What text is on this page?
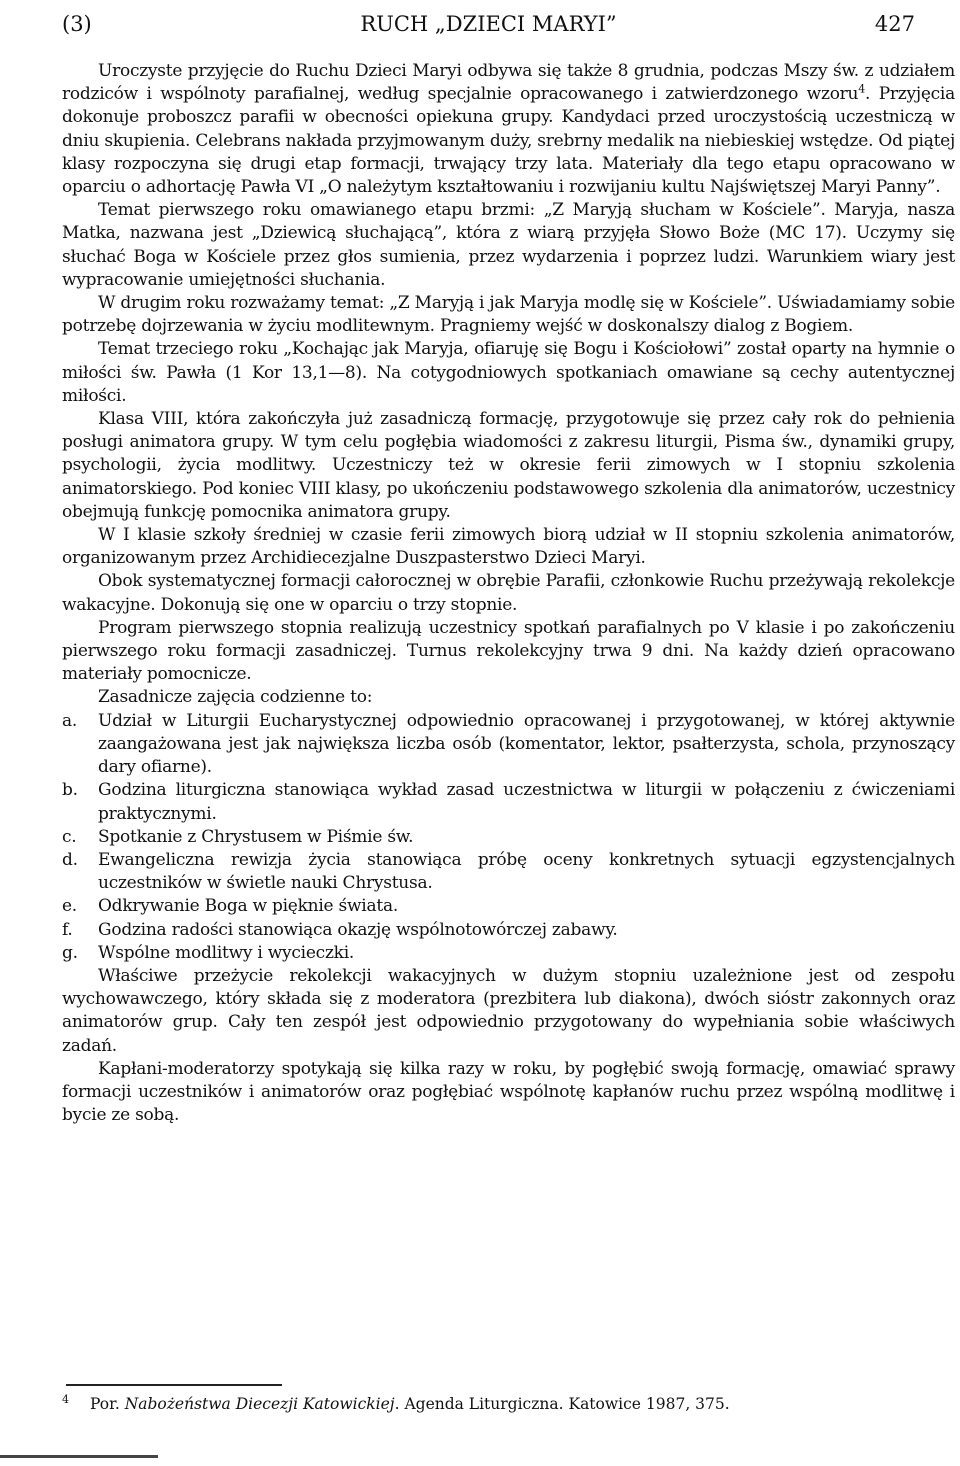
(3)	RUCH „DZIECI MARYI”	427

Uroczyste przyjęcie do Ruchu Dzieci Maryi odbywa się także 8 grudnia, podczas Mszy św. z udziałem rodziców i wspólnoty parafialnej, według specjalnie opracowanego i zatwierdzonego wzoru$^4$. Przyjęcia dokonuje proboszcz parafii w obecności opiekuna grupy. Kandydaci przed uroczystością uczestniczą w dniu skupienia. Celebrans nakłada przyjmowanym duży, srebrny medalik na niebieskiej wstędze. Od piątej klasy rozpoczyna się drugi etap formacji, trwający trzy lata. Materiały dla tego etapu opracowano w oparciu o adhortację Pawła VI „O należytym kształtowaniu i rozwijaniu kultu Najświętszej Maryi Panny”.

Temat pierwszego roku omawianego etapu brzmi: „Z Maryją słucham w Kościele”. Maryja, nasza Matka, nazwana jest „Dziewicą słuchającą”, która z wiarą przyjęła Słowo Boże (MC 17). Uczymy się słuchać Boga w Kościele przez głos sumienia, przez wydarzenia i poprzez ludzi. Warunkiem wiary jest wypracowanie umiejętności słuchania.

W drugim roku rozważamy temat: „Z Maryją i jak Maryja modlę się w Kościele”. Uświadamiamy sobie potrzebę dojrzewania w życiu modlitewnym. Pragniemy wejść w doskonalszy dialog z Bogiem.

Temat trzeciego roku „Kochając jak Maryja, ofiaruję się Bogu i Kościołowi” został oparty na hymnie o miłości św. Pawła (1 Kor 13,1—8). Na cotygodniowych spotkaniach omawiane są cechy autentycznej miłości.

Klasa VIII, która zakończyła już zasadniczą formację, przygotowuje się przez cały rok do pełnienia posługi animatora grupy. W tym celu pogłębia wiadomości z zakresu liturgii, Pisma św., dynamiki grupy, psychologii, życia modlitwy. Uczestniczy też w okresie ferii zimowych w I stopniu szkolenia animatorskiego. Pod koniec VIII klasy, po ukończeniu podstawowego szkolenia dla animatorów, uczestnicy obejmują funkcję pomocnika animatora grupy.

W I klasie szkoły średniej w czasie ferii zimowych biorą udział w II stopniu szkolenia animatorów, organizowanym przez Archidiecezjalne Duszpasterstwo Dzieci Maryi.

Obok systematycznej formacji całorocznej w obrębie Parafii, członkowie Ruchu przeżywają rekolekcje wakacyjne. Dokonują się one w oparciu o trzy stopnie.

Program pierwszego stopnia realizują uczestnicy spotkań parafialnych po V klasie i po zakończeniu pierwszego roku formacji zasadniczej. Turnus rekolekcyjny trwa 9 dni. Na każdy dzień opracowano materiały pomocnicze.

Zasadnicze zajęcia codzienne to:

a. Udział w Liturgii Eucharystycznej odpowiednio opracowanej i przygotowanej, w której aktywnie zaangażowana jest jak największa liczba osób (komentator, lektor, psałterzysta, schola, przynoszący dary ofiarne).
b. Godzina liturgiczna stanowiąca wykład zasad uczestnictwa w liturgii w połączeniu z ćwiczeniami praktycznymi.
c. Spotkanie z Chrystusem w Piśmie św.
d. Ewangeliczna rewizja życia stanowiąca próbę oceny konkretnych sytuacji egzystencjalnych uczestników w świetle nauki Chrystusa.
e. Odkrywanie Boga w pięknie świata.
f. Godzina radości stanowiąca okazję wspólnotowórczej zabawy.
g. Wspólne modlitwy i wycieczki.

Właściwe przeżycie rekolekcji wakacyjnych w dużym stopniu uzależnione jest od zespołu wychowawczego, który składa się z moderatora (prezbitera lub diakona), dwóch sióstr zakonnych oraz animatorów grup. Cały ten zespół jest odpowiednio przygotowany do wypełniania sobie właściwych zadań.

Kapłani-moderatorzy spotykają się kilka razy w roku, by pogłębić swoją formację, omawiać sprawy formacji uczestników i animatorów oraz pogłębiać wspólnotę kapłanów ruchu przez wspólną modlitwę i bycie ze sobą.

4 Por. Nabożeństwa Diecezji Katowickiej. Agenda Liturgiczna. Katowice 1987, 375.
